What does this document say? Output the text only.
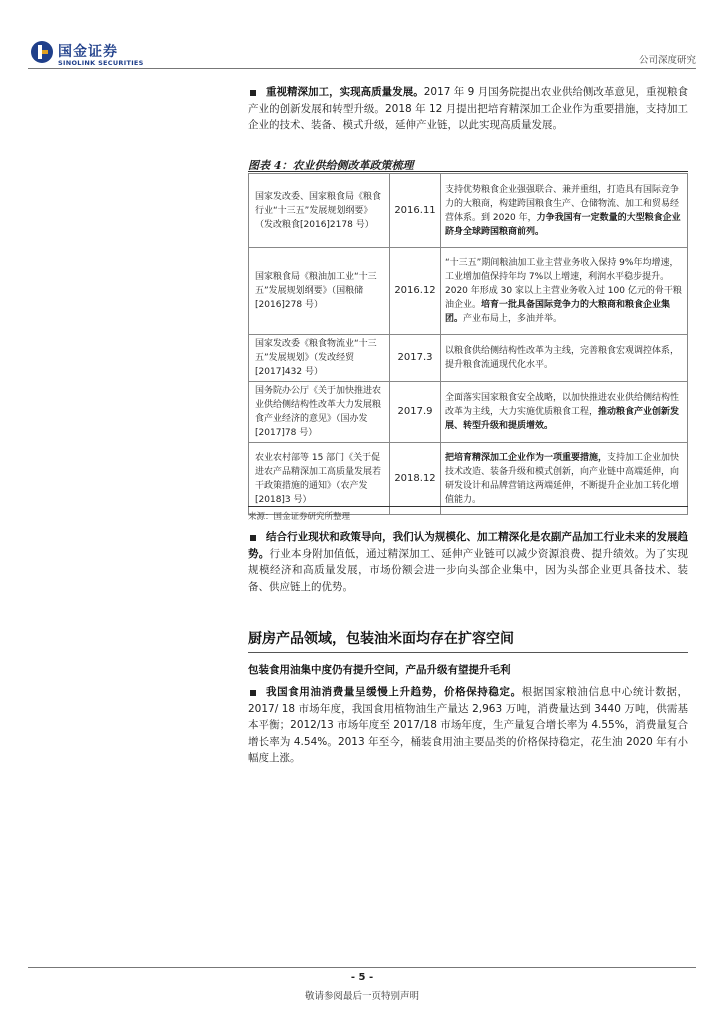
国金证券
SINOLINK SECURITIES	公司深度研究
重视精深加工，实现高质量发展。2017 年 9 月国务院提出农业供给侧改革意见，重视粮食产业的创新发展和转型升级。2018 年 12 月提出把培育精深加工企业作为重要措施，支持加工企业的技术、装备、模式升级，延伸产业链，以此实现高质量发展。
图表 4：农业供给侧改革政策梳理
国家发改委、国家粮食局《粮食行业“十三五”发展规划纲要》（发改粮食[2016]2178 号）	2016.11	支持优势粮食企业强强联合、兼并重组，打造具有国际竞争力的大粮商，构建跨国粮食生产、仓储物流、加工和贸易经营体系。到 2020 年，力争我国有一定数量的大型粮食企业跻身全球跨国粮商前列。
国家粮食局《粮油加工业“十三五”发展规划纲要》（国粮储[2016]278 号）	2016.12	“十三五”期间粮油加工业主营业务收入保持 9%年均增速，工业增加值保持年均 7%以上增速，利润水平稳步提升。2020 年形成 30 家以上主营业务收入过 100 亿元的骨干粮油企业。培育一批具备国际竞争力的大粮商和粮食企业集团。产业布局上，多油并举。
国家发改委《粮食物流业“十三五”发展规划》（发改经贸[2017]432 号）	2017.3	以粮食供给侧结构性改革为主线，完善粮食宏观调控体系，提升粮食流通现代化水平。
国务院办公厅《关于加快推进农业供给侧结构性改革大力发展粮食产业经济的意见》（国办发[2017]78 号）	2017.9	全面落实国家粮食安全战略，以加快推进农业供给侧结构性改革为主线，大力实施优质粮食工程，推动粮食产业创新发展、转型升级和提质增效。
农业农村部等 15 部门《关于促进农产品精深加工高质量发展若干政策措施的通知》（农产发[2018]3 号）	2018.12	把培育精深加工企业作为一项重要措施，支持加工企业加快技术改造、装备升级和模式创新，向产业链中高端延伸，向研发设计和品牌营销这两端延伸，不断提升企业加工转化增值能力。
来源：国金证券研究所整理
结合行业现状和政策导向，我们认为规模化、加工精深化是农副产品加工行业未来的发展趋势。行业本身附加值低，通过精深加工、延伸产业链可以减少资源浪费、提升绩效。为了实现规模经济和高质量发展，市场份额会进一步向头部企业集中，因为头部企业更具备技术、装备、供应链上的优势。
厨房产品领域，包装油米面均存在扩容空间
包装食用油集中度仍有提升空间，产品升级有望提升毛利
我国食用油消费量呈缓慢上升趋势，价格保持稳定。根据国家粮油信息中心统计数据，2017/ 18 市场年度，我国食用植物油生产量达 2,963 万吨，消费量达到 3440 万吨，供需基本平衡；2012/13 市场年度至 2017/18 市场年度，生产量复合增长率为 4.55%，消费量复合增长率为 4.54%。2013 年至今，桶装食用油主要品类的价格保持稳定，花生油 2020 年有小幅度上涨。
- 5 -
敬请参阅最后一页特别声明
